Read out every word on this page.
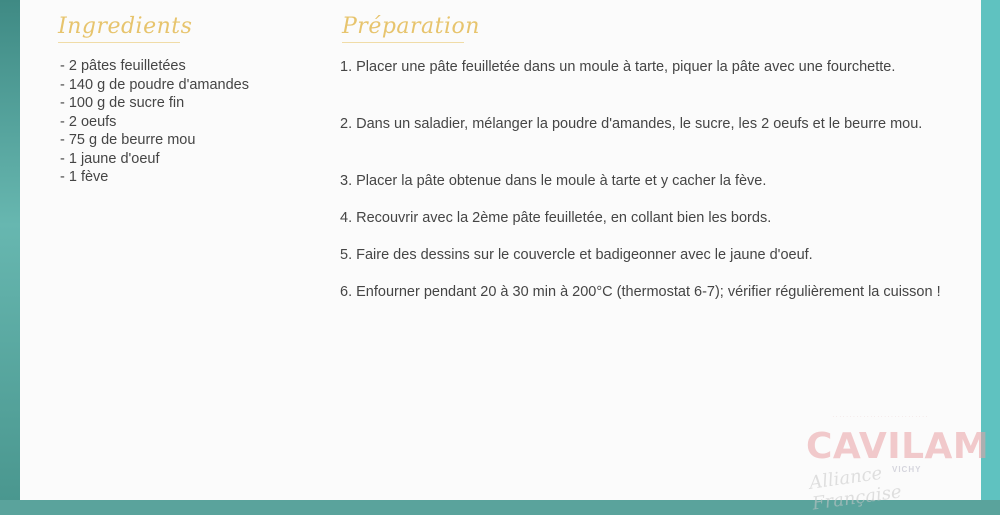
Ingredients
- 2 pâtes feuilletées
- 140 g de poudre d'amandes
- 100 g de sucre fin
- 2 oeufs
- 75 g de beurre mou
- 1 jaune d'oeuf
- 1 fève
Préparation
1. Placer une pâte feuilletée dans un moule à tarte, piquer la pâte avec une fourchette.
2. Dans un saladier, mélanger la poudre d'amandes, le sucre, les 2 oeufs et le beurre mou.
3. Placer la pâte obtenue dans le moule à tarte et y cacher la fève.
4. Recouvrir avec la 2ème pâte feuilletée, en collant bien les bords.
5. Faire des dessins sur le couvercle et badigeonner avec le jaune d'oeuf.
6. Enfourner pendant 20 à 30 min à 200°C (thermostat 6-7); vérifier régulièrement la cuisson !
· · · · · · · · · · · · · · · · · · · · · · · · · · · ·
CAVILAM
VICHY
Alliance Française
